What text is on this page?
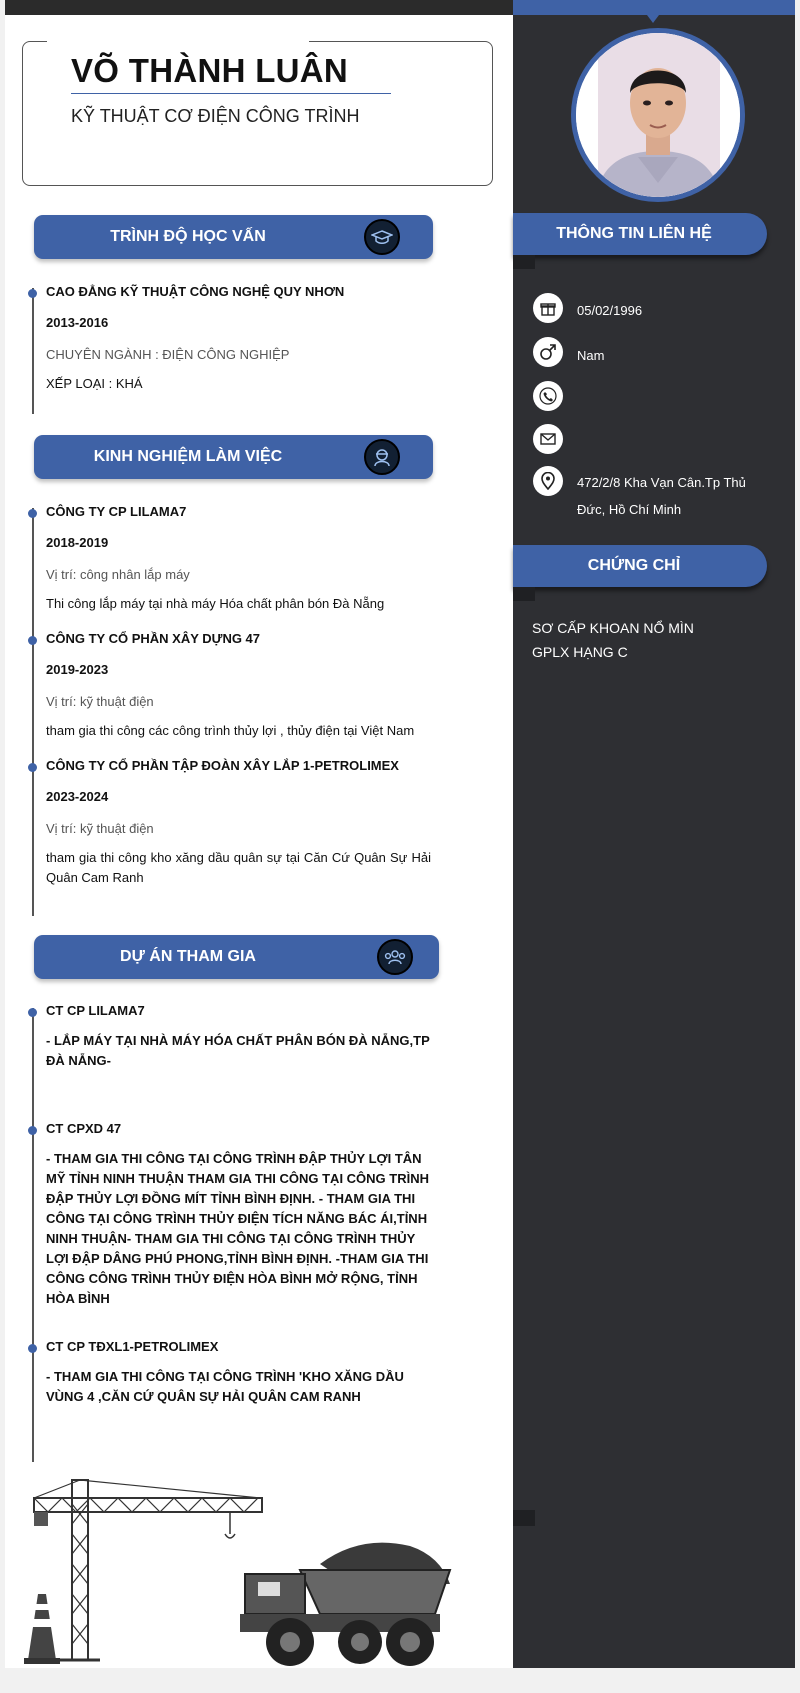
VÕ THÀNH LUÂN
KỸ THUẬT CƠ ĐIỆN CÔNG TRÌNH
TRÌNH ĐỘ HỌC VẤN
CAO ĐẲNG KỸ THUẬT CÔNG NGHỆ QUY NHƠN
2013-2016
CHUYÊN NGÀNH : ĐIỆN CÔNG NGHIỆP
XẾP LOẠI : KHÁ
KINH NGHIỆM LÀM VIỆC
CÔNG TY CP LILAMA7
2018-2019
Vị trí: công nhân lắp máy
Thi công lắp máy tại nhà máy Hóa chất phân bón Đà Nẵng
CÔNG TY CỔ PHẦN XÂY DỰNG 47
2019-2023
Vị trí: kỹ thuật điện
tham gia thi công các công trình thủy lợi , thủy điện tại Việt Nam
CÔNG TY CỔ PHẦN TẬP ĐOÀN XÂY LẮP 1-PETROLIMEX
2023-2024
Vị trí: kỹ thuật điện
tham gia thi công kho xăng dầu quân sự tại Căn Cứ Quân Sự Hải Quân Cam Ranh
DỰ ÁN THAM GIA
CT CP LILAMA7
- LẮP MÁY TẠI NHÀ MÁY HÓA CHẤT PHÂN BÓN ĐÀ NẴNG,TP ĐÀ NẴNG-
CT CPXD 47
- THAM GIA THI CÔNG TẠI CÔNG TRÌNH ĐẬP THỦY LỢI TÂN MỸ TỈNH NINH THUẬN THAM GIA THI CÔNG TẠI CÔNG TRÌNH ĐẬP THỦY LỢI ĐỒNG MÍT TỈNH BÌNH ĐỊNH. - THAM GIA THI CÔNG TẠI CÔNG TRÌNH THỦY ĐIỆN TÍCH NĂNG BÁC ÁI,TỈNH NINH THUẬN- THAM GIA THI CÔNG TẠI CÔNG TRÌNH THỦY LỢI ĐẬP DÂNG PHÚ PHONG,TỈNH BÌNH ĐỊNH. -THAM GIA THI CÔNG CÔNG TRÌNH THỦY ĐIỆN HÒA BÌNH MỞ RỘNG, TỈNH HÒA BÌNH
CT CP TĐXL1-PETROLIMEX
- THAM GIA THI CÔNG TẠI CÔNG TRÌNH 'KHO XĂNG DẦU VÙNG 4 ,CĂN CỨ QUÂN SỰ HẢI QUÂN CAM RANH
THÔNG TIN LIÊN HỆ
05/02/1996
Nam
472/2/8 Kha Vạn Cân.Tp Thủ Đức, Hồ Chí Minh
CHỨNG CHỈ
SƠ CẤP KHOAN NỔ MÌN
GPLX HẠNG C
